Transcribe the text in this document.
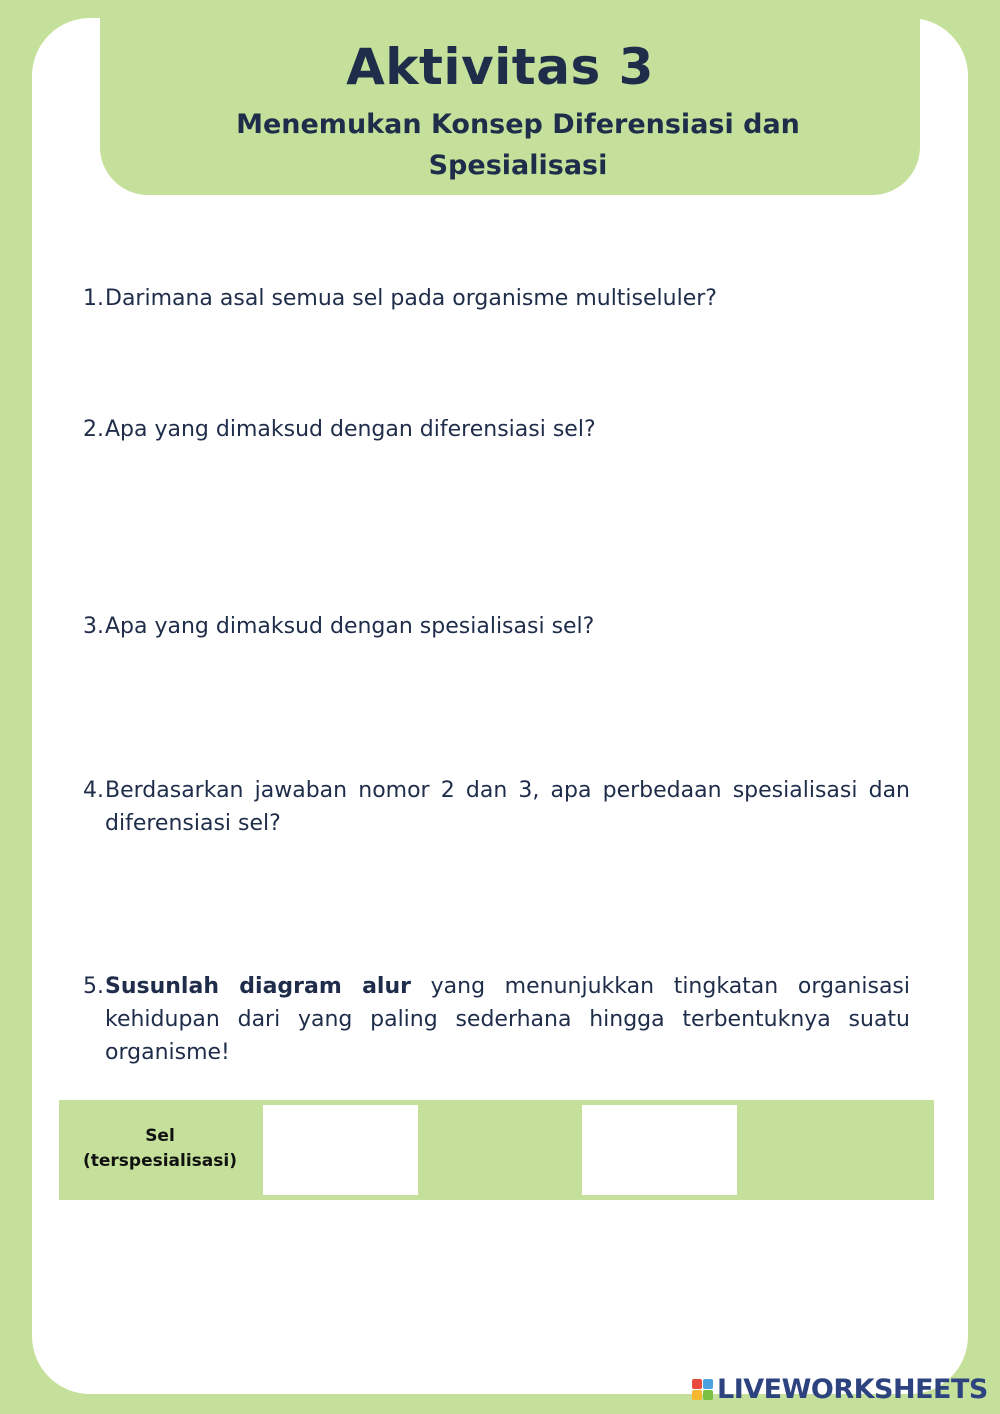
Aktivitas 3
Menemukan Konsep Diferensiasi dan
Spesialisasi
1. Darimana asal semua sel pada organisme multiseluler?
2. Apa yang dimaksud dengan diferensiasi sel?
3. Apa yang dimaksud dengan spesialisasi sel?
4. Berdasarkan jawaban nomor 2 dan 3, apa perbedaan spesialisasi dan diferensiasi sel?
5. Susunlah diagram alur yang menunjukkan tingkatan organisasi kehidupan dari yang paling sederhana hingga terbentuknya suatu organisme!
Sel
(terspesialisasi)
LIVEWORKSHEETS
